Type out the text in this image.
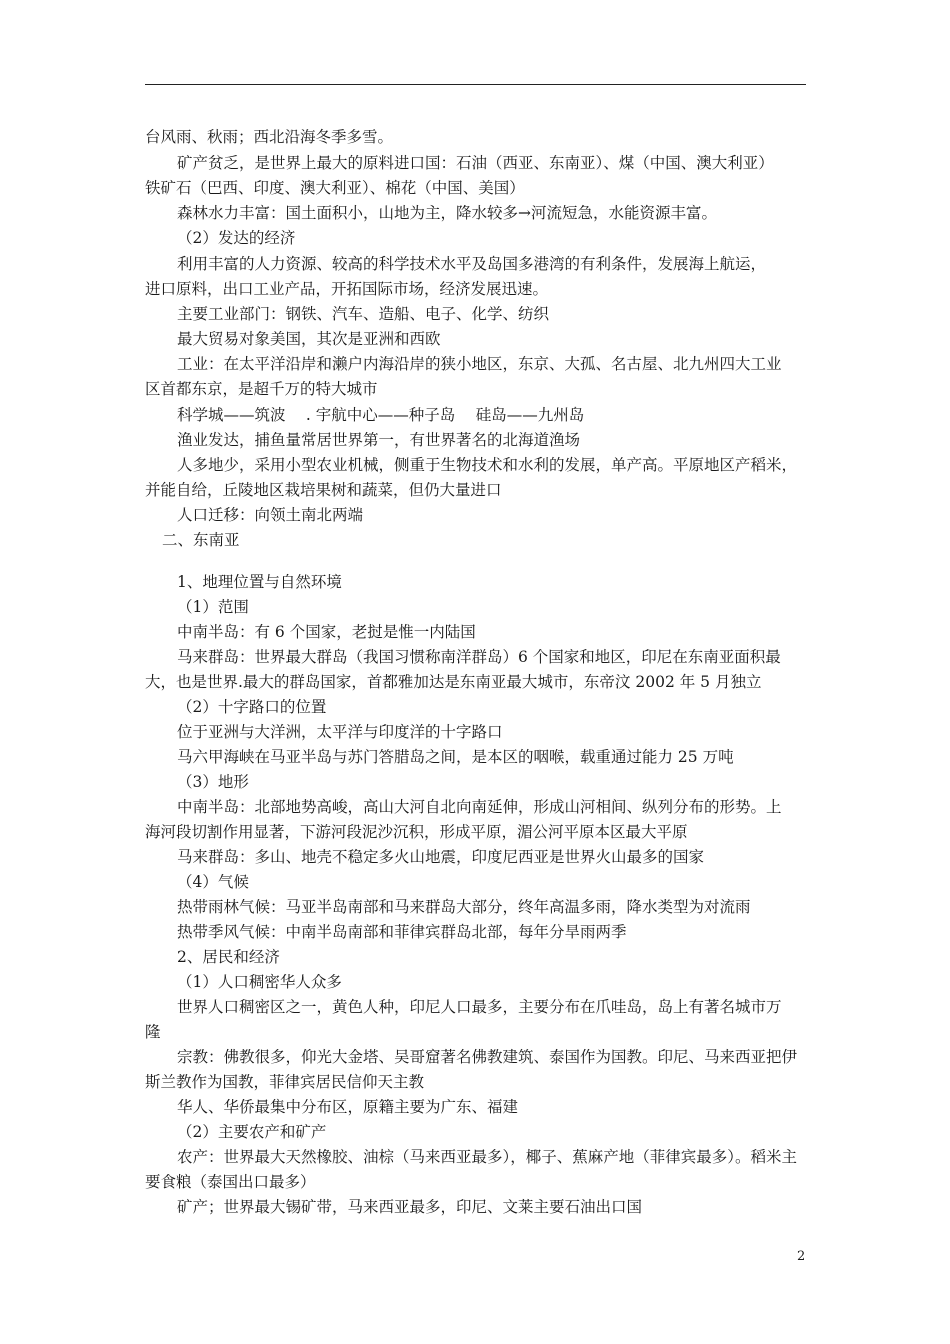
台风雨、秋雨；西北沿海冬季多雪。
矿产贫乏，是世界上最大的原料进口国：石油（西亚、东南亚）、煤（中国、澳大利亚）
铁矿石（巴西、印度、澳大利亚）、棉花（中国、美国）
森林水力丰富：国土面积小，山地为主，降水较多→河流短急，水能资源丰富。
（2）发达的经济
利用丰富的人力资源、较高的科学技术水平及岛国多港湾的有利条件，发展海上航运，
进口原料，出口工业产品，开拓国际市场，经济发展迅速。
主要工业部门：钢铁、汽车、造船、电子、化学、纺织
最大贸易对象美国，其次是亚洲和西欧
工业：在太平洋沿岸和濑户内海沿岸的狭小地区，东京、大孤、名古屋、北九州四大工业
区首都东京，是超千万的特大城市
科学城——筑波　 . 宇航中心——种子岛　 硅岛——九州岛
渔业发达，捕鱼量常居世界第一，有世界著名的北海道渔场
人多地少，采用小型农业机械，侧重于生物技术和水利的发展，单产高。平原地区产稻米，
并能自给，丘陵地区栽培果树和蔬菜，但仍大量进口
人口迁移：向领土南北两端
二、东南亚
1、地理位置与自然环境
（1）范围
中南半岛：有 6 个国家，老挝是惟一内陆国
马来群岛：世界最大群岛（我国习惯称南洋群岛）6 个国家和地区，印尼在东南亚面积最
大，也是世界.最大的群岛国家，首都雅加达是东南亚最大城市，东帝汶 2002 年 5 月独立
（2）十字路口的位置
位于亚洲与大洋洲，太平洋与印度洋的十字路口
马六甲海峡在马亚半岛与苏门答腊岛之间，是本区的咽喉，载重通过能力 25 万吨
（3）地形
中南半岛：北部地势高峻，高山大河自北向南延伸，形成山河相间、纵列分布的形势。上
海河段切割作用显著，下游河段泥沙沉积，形成平原，湄公河平原本区最大平原
马来群岛：多山、地壳不稳定多火山地震，印度尼西亚是世界火山最多的国家
（4）气候
热带雨林气候：马亚半岛南部和马来群岛大部分，终年高温多雨，降水类型为对流雨
热带季风气候：中南半岛南部和菲律宾群岛北部，每年分旱雨两季
2、居民和经济
（1）人口稠密华人众多
世界人口稠密区之一，黄色人种，印尼人口最多，主要分布在爪哇岛，岛上有著名城市万
隆
宗教：佛教很多，仰光大金塔、吴哥窟著名佛教建筑、泰国作为国教。印尼、马来西亚把伊
斯兰教作为国教，菲律宾居民信仰天主教
华人、华侨最集中分布区，原籍主要为广东、福建
（2）主要农产和矿产
农产：世界最大天然橡胶、油棕（马来西亚最多），椰子、蕉麻产地（菲律宾最多）。稻米主
要食粮（泰国出口最多）
矿产；世界最大锡矿带，马来西亚最多，印尼、文莱主要石油出口国
2
